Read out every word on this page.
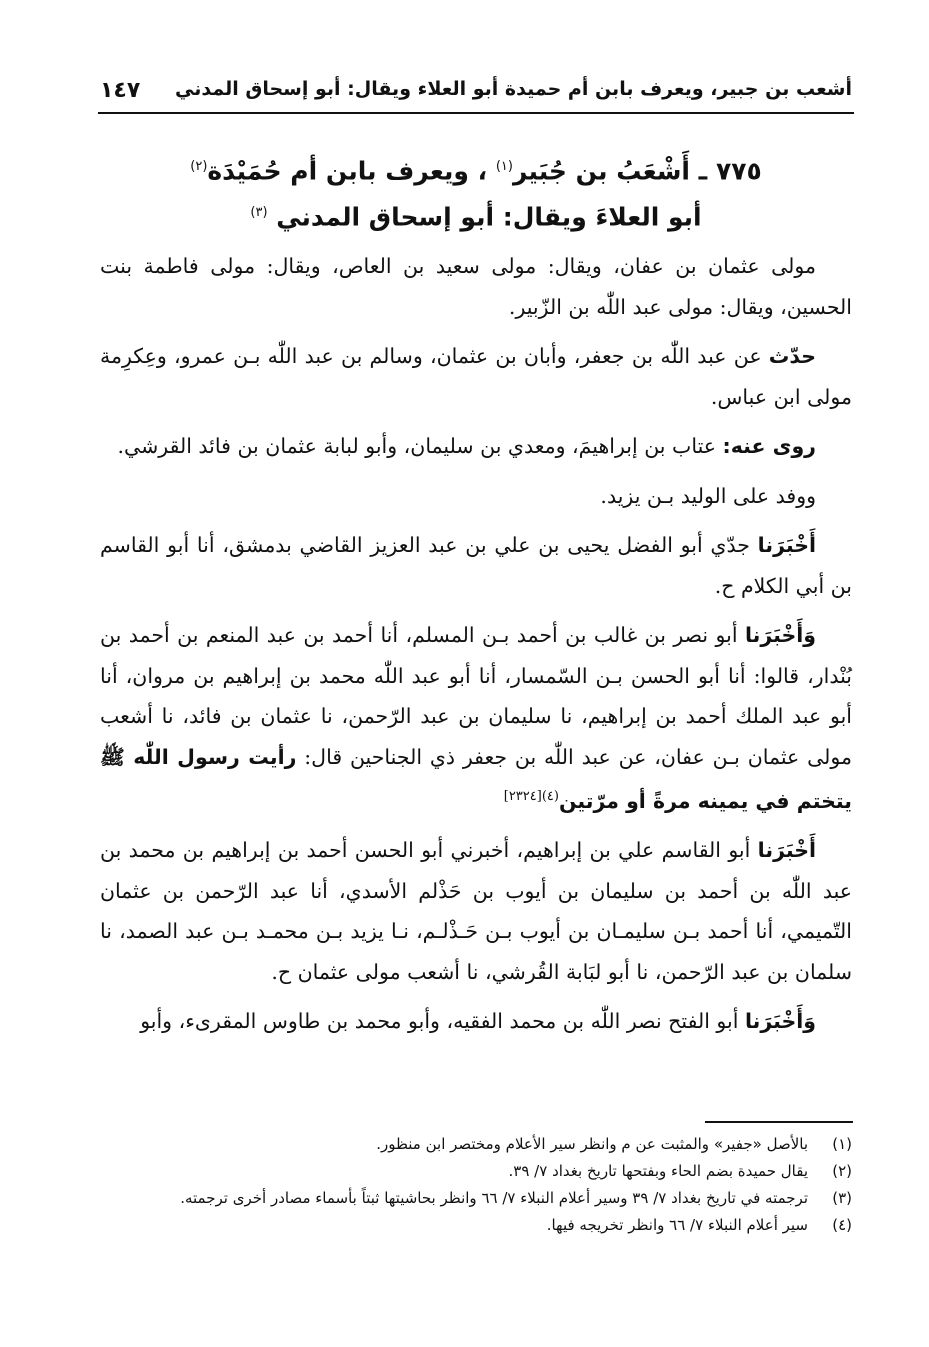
أشعب بن جبير، ويعرف بابن أم حميدة أبو العلاء ويقال: أبو إسحاق المدني
١٤٧

٧٧٥ ـ أَشْعَبُ بن جُبَير$^{(١)}$ ، ويعرف بابن أم حُمَيْدَة$^{(٢)}$

أبو العلاءَ ويقال: أبو إسحاق المدني $^{(٣)}$

مولى عثمان بن عفان، ويقال: مولى سعيد بن العاص، ويقال: مولى فاطمة بنت الحسين، ويقال: مولى عبد اللّٰه بن الزّبير.

حدّث عن عبد اللّٰه بن جعفر، وأبان بن عثمان، وسالم بن عبد اللّٰه بـن عمرو، وعِكرِمة مولى ابن عباس.

روى عنه: عتاب بن إبراهيمَ، ومعدي بن سليمان، وأبو لبابة عثمان بن فائد القرشي.

ووفد على الوليد بـن يزيد.

أَخْبَرَنا جدّي أبو الفضل يحيى بن علي بن عبد العزيز القاضي بدمشق، أنا أبو القاسم بن أبي الكلام ح.

وَأَخْبَرَنا أبو نصر بن غالب بن أحمد بـن المسلم، أنا أحمد بن عبد المنعم بن أحمد بن بُنْدار، قالوا: أنا أبو الحسن بـن السّمسار، أنا أبو عبد اللّٰه محمد بن إبراهيم بن مروان، أنا أبو عبد الملك أحمد بن إبراهيم، نا سليمان بن عبد الرّحمن، نا عثمان بن فائد، نا أشعب مولى عثمان بـن عفان، عن عبد اللّٰه بن جعفر ذي الجناحين قال: رأيت رسول اللّٰه ﷺ يتختم في يمينه مرةً أو مرّتين$^{(٤)[٢٣٢٤]}$

أَخْبَرَنا أبو القاسم علي بن إبراهيم، أخبرني أبو الحسن أحمد بن إبراهيم بن محمد بن عبد اللّٰه بن أحمد بن سليمان بن أيوب بن حَذْلم الأسدي، أنا عبد الرّحمن بن عثمان التّميمي، أنا أحمد بـن سليمـان بن أيوب بـن حَـذْلـم، نـا يزيد بـن محمـد بـن عبد الصمد، نا سلمان بن عبد الرّحمن، نا أبو لبَابة القُرشي، نا أشعب مولى عثمان ح.

وَأَخْبَرَنا أبو الفتح نصر اللّٰه بن محمد الفقيه، وأبو محمد بن طاوس المقرىء، وأبو

(١)
بالأصل «جفير» والمثبت عن م وانظر سير الأعلام ومختصر ابن منظور.
(٢)
يقال حميدة بضم الحاء وبفتحها تاريخ بغداد ٧/ ٣٩.
(٣)
ترجمته في تاريخ بغداد ٧/ ٣٩ وسير أعلام النبلاء ٧/ ٦٦ وانظر بحاشيتها ثبتاً بأسماء مصادر أخرى ترجمته.
(٤)
سير أعلام النبلاء ٧/ ٦٦ وانظر تخريجه فيها.
